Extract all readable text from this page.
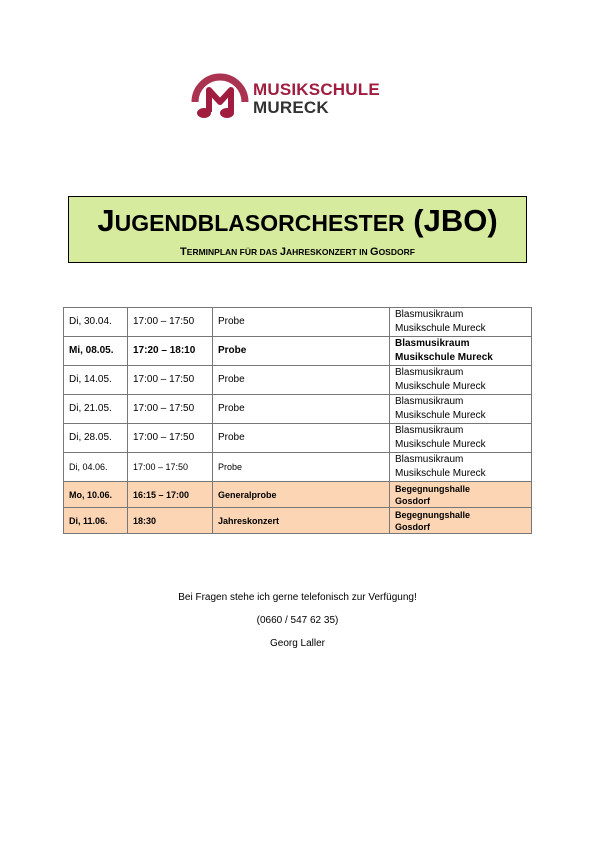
MUSIKSCHULE
MURECK
JUGENDBLASORCHESTER (JBO)
TERMINPLAN FÜR DAS JAHRESKONZERT IN GOSDORF
Di, 30.04.	17:00 – 17:50	Probe	Blasmusikraum
Musikschule Mureck
Mi, 08.05.	17:20 – 18:10	Probe	Blasmusikraum
Musikschule Mureck
Di, 14.05.	17:00 – 17:50	Probe	Blasmusikraum
Musikschule Mureck
Di, 21.05.	17:00 – 17:50	Probe	Blasmusikraum
Musikschule Mureck
Di, 28.05.	17:00 – 17:50	Probe	Blasmusikraum
Musikschule Mureck
Di, 04.06.	17:00 – 17:50	Probe	Blasmusikraum
Musikschule Mureck
Mo, 10.06.	16:15 – 17:00	Generalprobe	Begegnungshalle
Gosdorf
Di, 11.06.	18:30	Jahreskonzert	Begegnungshalle
Gosdorf
Bei Fragen stehe ich gerne telefonisch zur Verfügung!
(0660 / 547 62 35)
Georg Laller
